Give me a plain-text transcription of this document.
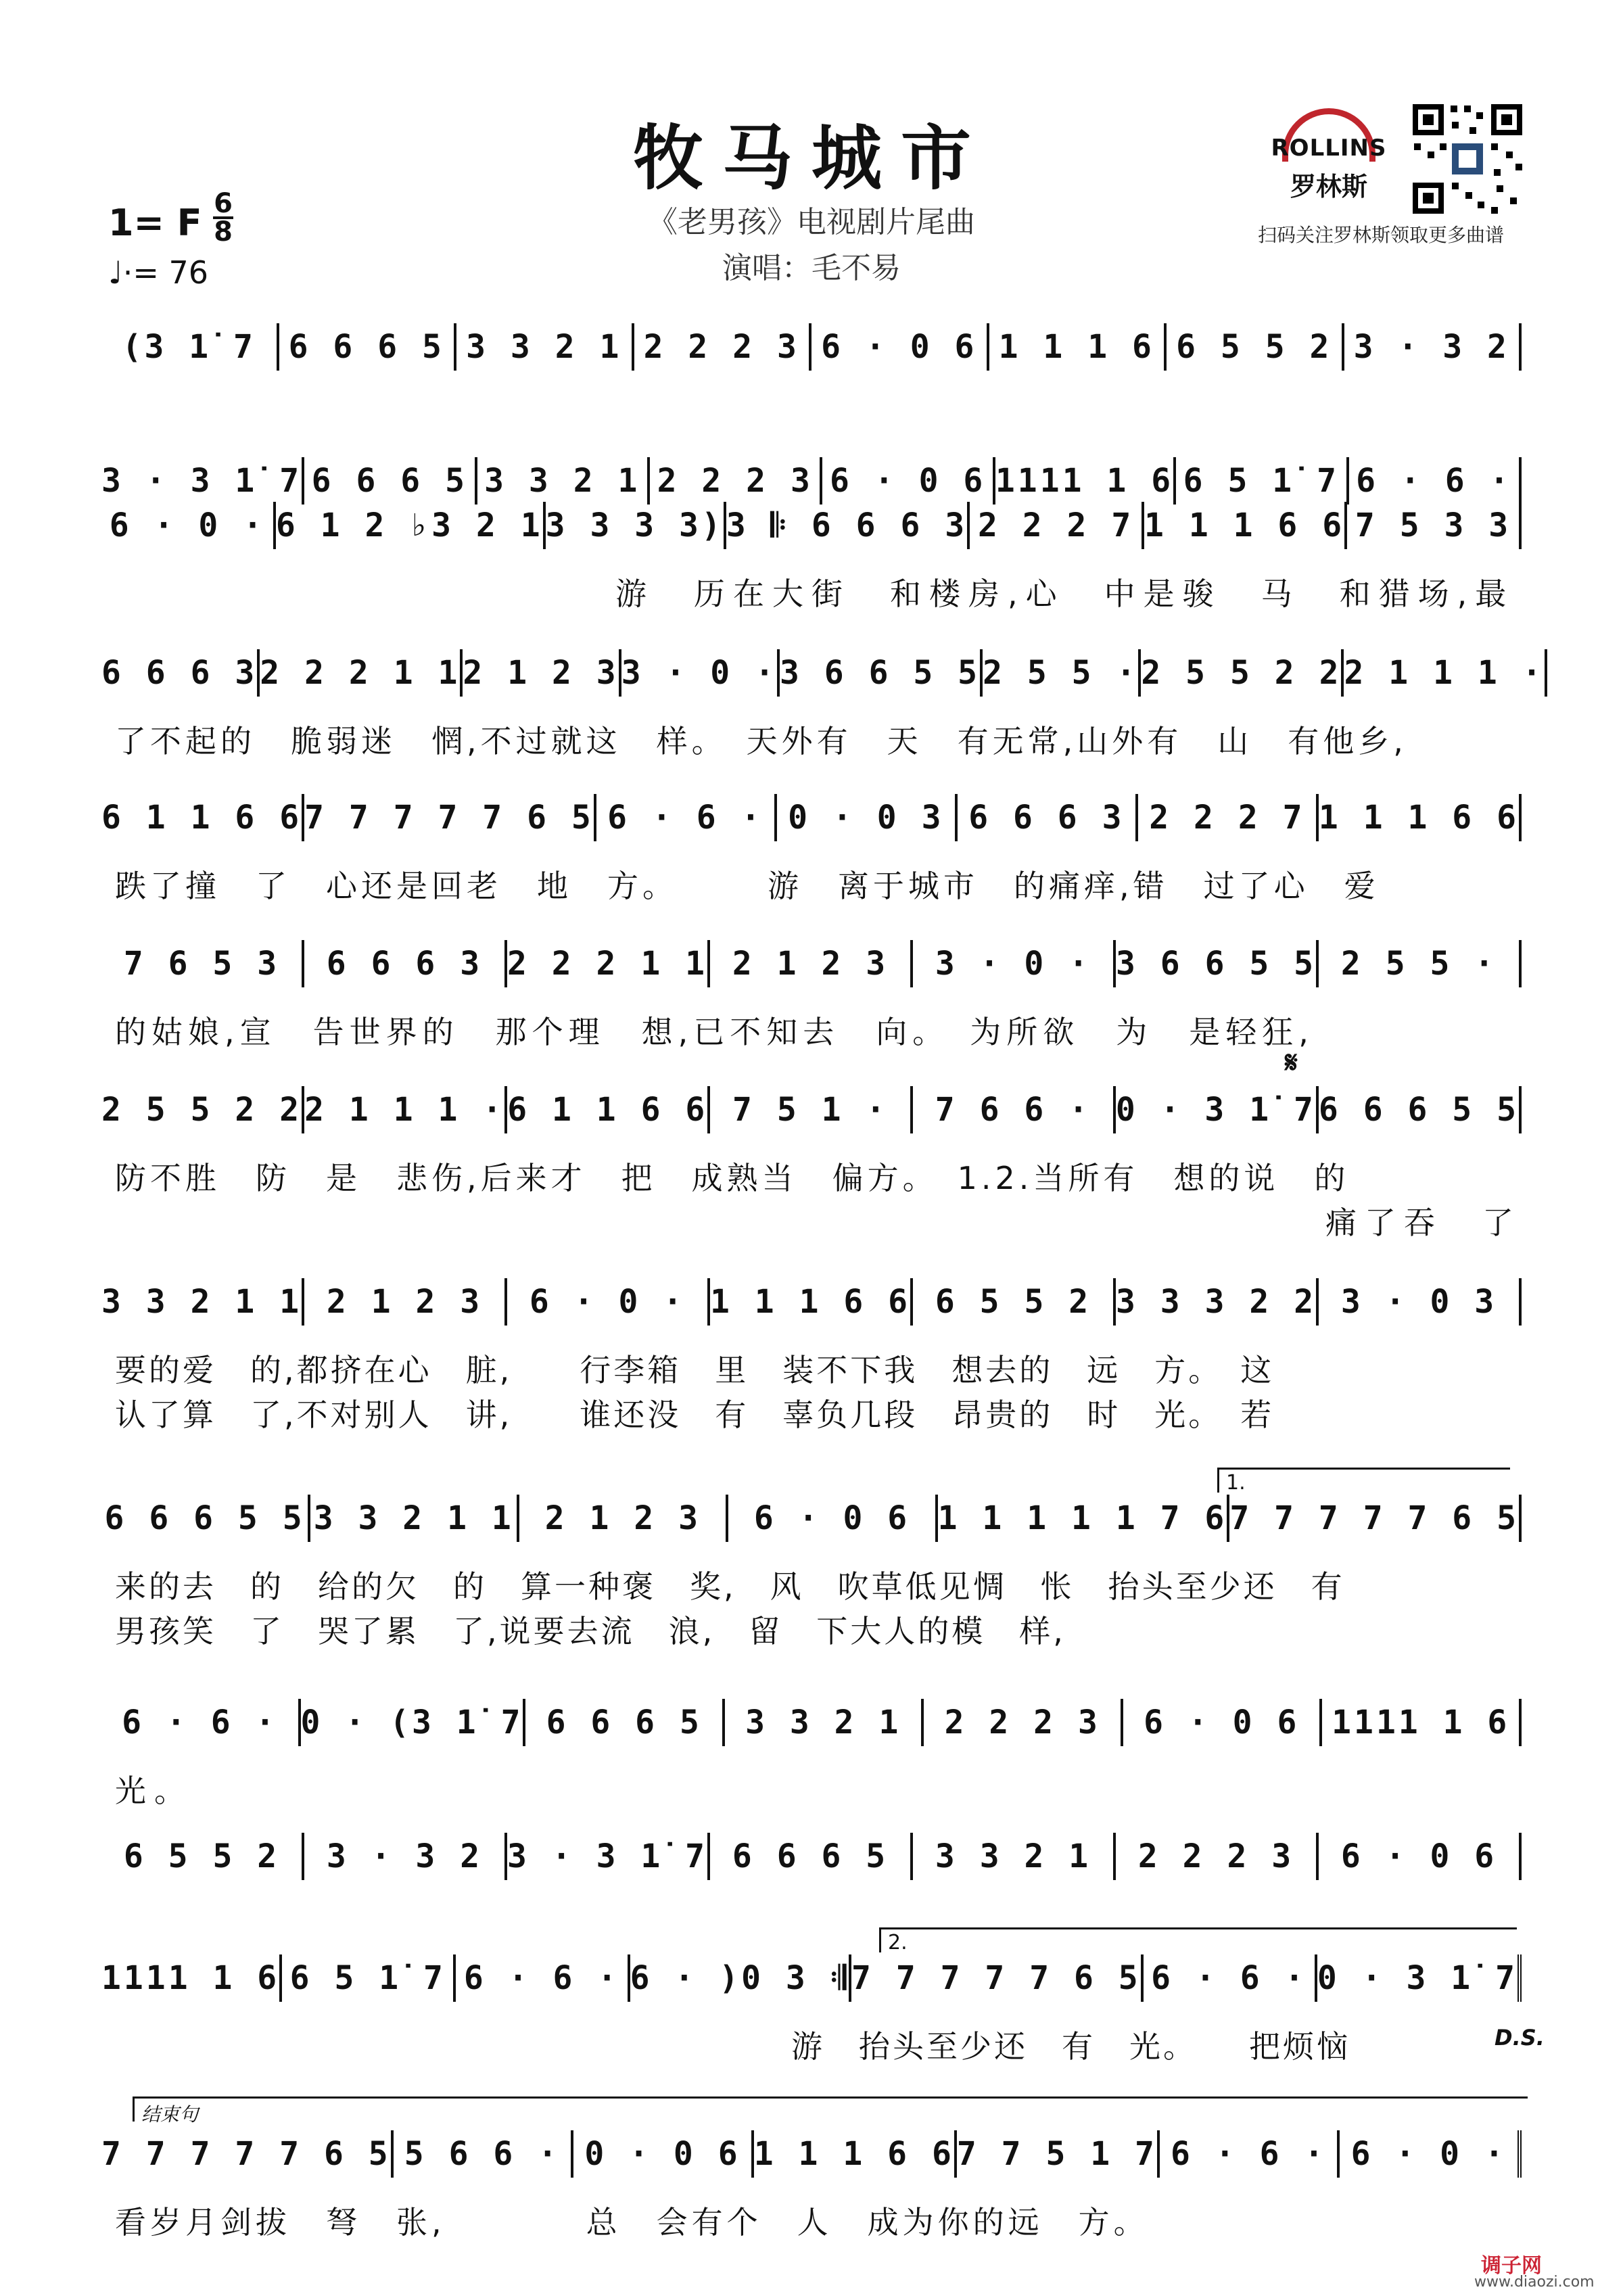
牧马城市
《老男孩》电视剧片尾曲
演唱：毛不易
1= F 6
8
♩·= 76
ROLLINS
罗林斯
扫码关注罗林斯领取更多曲谱
(3 1̇ 7	6 6 6 5 3 3 2 1 2 2 2 3 6 · 0 6 1 1 1 6 6 5 5 2 3 · 3 2
3 · 3 1̇ 7 6 6 6 5 3 3 2 1 2 2 2 3 6 · 0 6 1111 1 6 6 5 1̇ 7 6 · 6 ·
6 · 0 · 6 1 2 ♭3 2 1 3 3 3 3) 3 𝄆 6 6 6 3 2 2 2 7 1 1 1 6 6 7 5 3 3
游　历在大街　和楼房,心　中是骏　马　和猎场,最
6 6 6 3 2 2 2 1 1 2 1 2 3 3 · 0 · 3 6 6 5 5 2 5 5 · 2 5 5 2 2 2 1 1 1 ·
了不起的　脆弱迷　惘,不过就这　样。　天外有　天　有无常,山外有　山　有他乡,
6 1 1 6 6 7 7 7 7 7 6 5 6 · 6 · 0 · 0 3 6 6 6 3 2 2 2 7 1 1 1 6 6
跌了撞　了　心还是回老　地　方。　　　游　离于城市　的痛痒,错　过了心　爱
7 6 5 3	6 6 6 3 2 2 2 1 1 2 1 2 3	3 · 0 · 3 6 6 5 5 2 5 5 ·
的姑娘,宣　告世界的　那个理　想,已不知去　向。　为所欲　为　是轻狂,
𝄋
2 5 5 2 2 2 1 1 1 · 6 1 1 6 6 7 5 1 ·	7 6 6 · 0 · 3 1̇ 7 6 6 6 5 5
防不胜　防　是　悲伤,后来才　把　成熟当　偏方。　1.2.当所有　想的说　的
痛了吞　了
3 3 2 1 1 2 1 2 3	6 · 0 · 1 1 1 6 6 6 5 5 2 3 3 3 2 2 3 · 0 3
要的爱　的,都挤在心　脏,　　行李箱　里　装不下我　想去的　远　方。　这
认了算　了,不对别人　讲,　　谁还没　有　辜负几段　昂贵的　时　光。　若
1.
6 6 6 5 5 3 3 2 1 1 2 1 2 3	6 · 0 6 1 1 1 1 1 7 6 7 7 7 7 7 6 5
来的去　的　给的欠　的　算一种褒　奖,　风　吹草低见惆　怅　抬头至少还　有
男孩笑　了　哭了累　了,说要去流　浪,　留　下大人的模　样,
6 · 6 · 0 · (3 1̇ 7 6 6 6 5	3 3 2 1	2 2 2 3	6 · 0 6 1111 1 6
光。
6 5 5 2	3 · 3 2 3 · 3 1̇ 7 6 6 6 5	3 3 2 1	2 2 2 3	6 · 0 6
2.
1111 1 6 6 5 1̇ 7 6 · 6 · 6 · )0 3 𝄇 7 7 7 7 7 6 5 6 · 6 · 0 · 3 1̇ 7
　　　　　　　　　　　　　　　　　　　　游　抬头至少还　有　光。　　把烦恼	D.S.
结束句
7 7 7 7 7 6 5 5 6 6 · 0 · 0 6 1 1 1 6 6 7 7 5 1 7 6 · 6 · 6 · 0 ·
看岁月剑拔　弩　张,　　　　总　会有个　人　成为你的远　方。
调子网
www.diaozi.com
